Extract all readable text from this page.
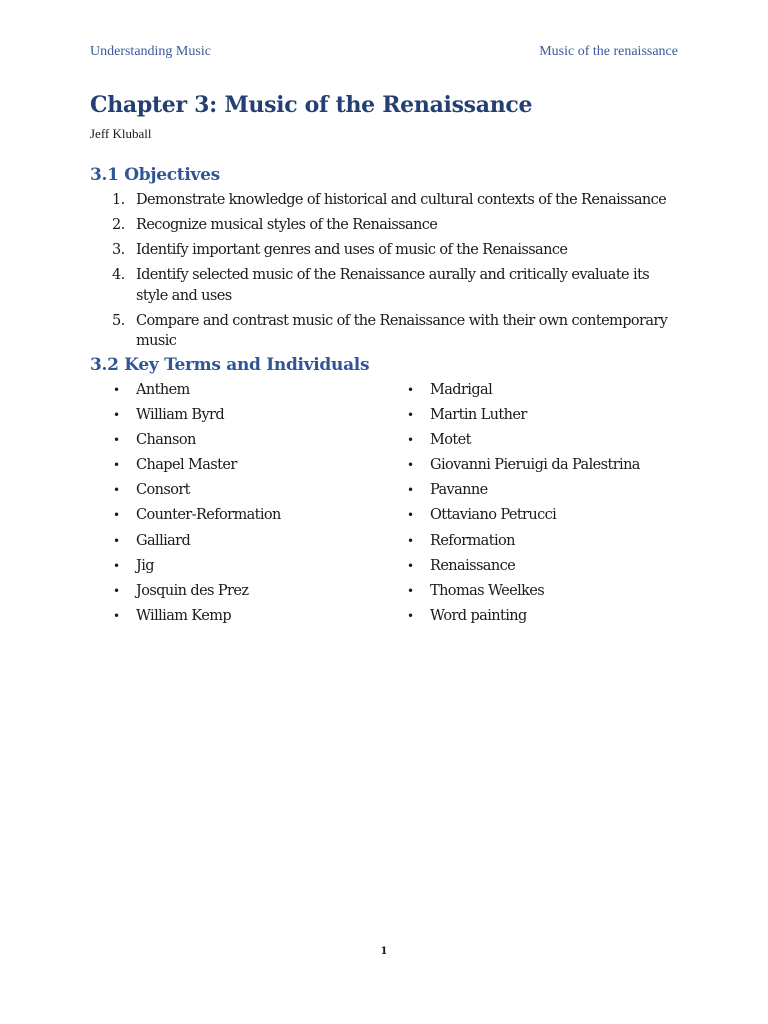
Understanding Music	Music of the renaissance
Chapter 3: Music of the Renaissance
Jeff Kluball
3.1 Objectives
1. Demonstrate knowledge of historical and cultural contexts of the Renaissance
2. Recognize musical styles of the Renaissance
3. Identify important genres and uses of music of the Renaissance
4. Identify selected music of the Renaissance aurally and critically evaluate its style and uses
5. Compare and contrast music of the Renaissance with their own contemporary music
3.2 Key Terms and Individuals
• Anthem
• William Byrd
• Chanson
• Chapel Master
• Consort
• Counter-Reformation
• Galliard
• Jig
• Josquin des Prez
• William Kemp
• Madrigal
• Martin Luther
• Motet
• Giovanni Pieruigi da Palestrina
• Pavanne
• Ottaviano Petrucci
• Reformation
• Renaissance
• Thomas Weelkes
• Word painting
1
